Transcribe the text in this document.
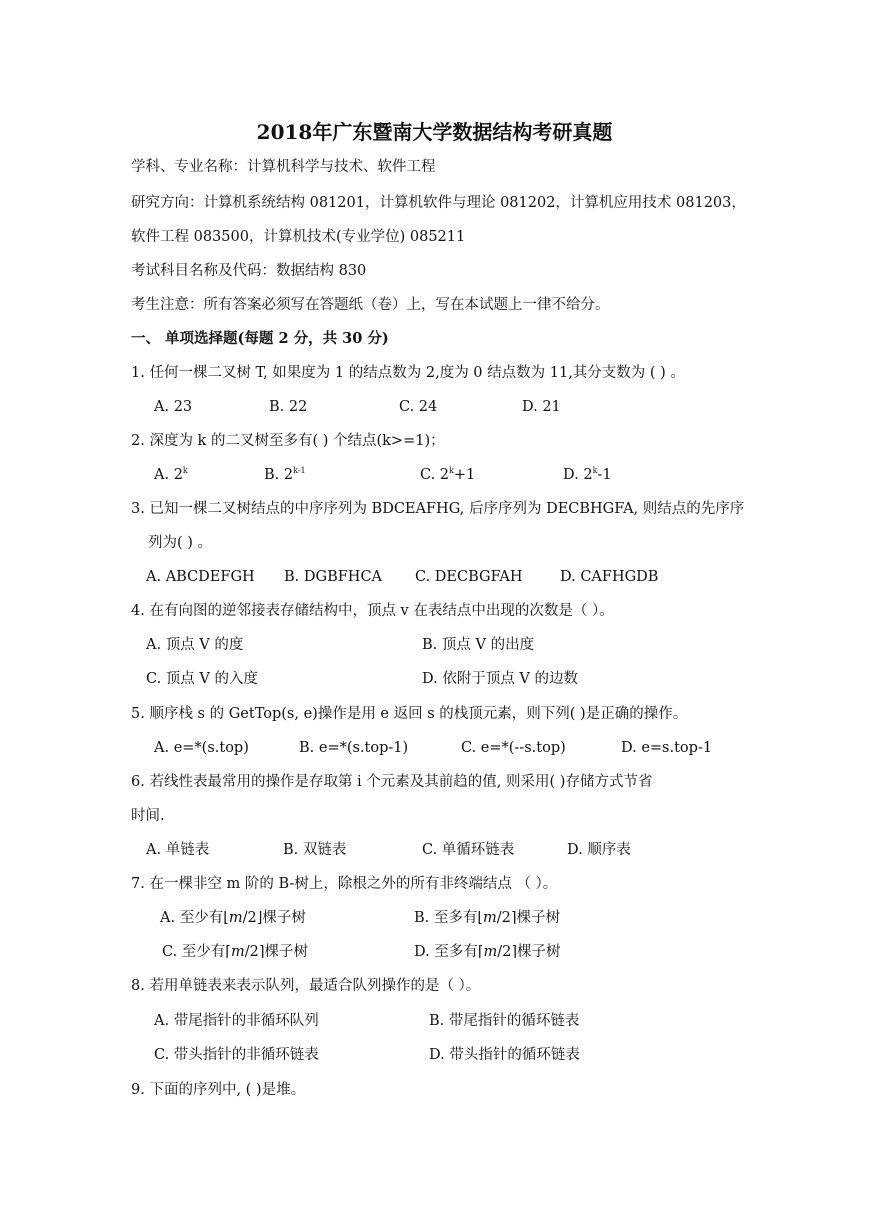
2018年广东暨南大学数据结构考研真题
学科、专业名称：计算机科学与技术、软件工程
研究方向：计算机系统结构 081201，计算机软件与理论 081202，计算机应用技术 081203，
软件工程 083500，计算机技术(专业学位) 085211
考试科目名称及代码：数据结构 830
考生注意：所有答案必须写在答题纸（卷）上，写在本试题上一律不给分。
一、 单项选择题(每题 2 分，共 30 分)
1. 任何一棵二叉树 T, 如果度为 1 的结点数为 2,度为 0 结点数为 11,其分支数为 ( ) 。
A. 23	B. 22	C. 24	D. 21
2. 深度为 k 的二叉树至多有( ) 个结点(k>=1)；
A. 2$^k$	B. 2$^{k-1}$	C. $2^k+1$	D. 2$^k$-1
3. 已知一棵二叉树结点的中序序列为 BDCEAFHG, 后序序列为 DECBHGFA, 则结点的先序序
列为( ) 。
A. ABCDEFGH B. DGBFHCA C. DECBGFAH	D. CAFHGDB
4. 在有向图的逆邻接表存储结构中，顶点 v 在表结点中出现的次数是（ ）。
A. 顶点 V 的度	B. 顶点 V 的出度
C. 顶点 V 的入度	D. 依附于顶点 V 的边数
5. 顺序栈 s 的 GetTop(s, e)操作是用 e 返回 s 的栈顶元素，则下列( )是正确的操作。
A. e=*(s.top)	B. e=*(s.top-1)	C. e=*(--s.top)	D. e=s.top-1
6. 若线性表最常用的操作是存取第 i 个元素及其前趋的值, 则采用( )存储方式节省
时间.
A. 单链表	B. 双链表	C. 单循环链表	D. 顺序表
7. 在一棵非空 m 阶的 B-树上，除根之外的所有非终端结点 （ ）。
A. 至少有⌊m/2⌋棵子树	B. 至多有⌊m/2⌉棵子树
C. 至少有⌈m/2⌉棵子树	D. 至多有⌈m/2⌉棵子树
8. 若用单链表来表示队列，最适合队列操作的是（ ）。
A. 带尾指针的非循环队列	B. 带尾指针的循环链表
C. 带头指针的非循环链表	D. 带头指针的循环链表
9. 下面的序列中, ( )是堆。
